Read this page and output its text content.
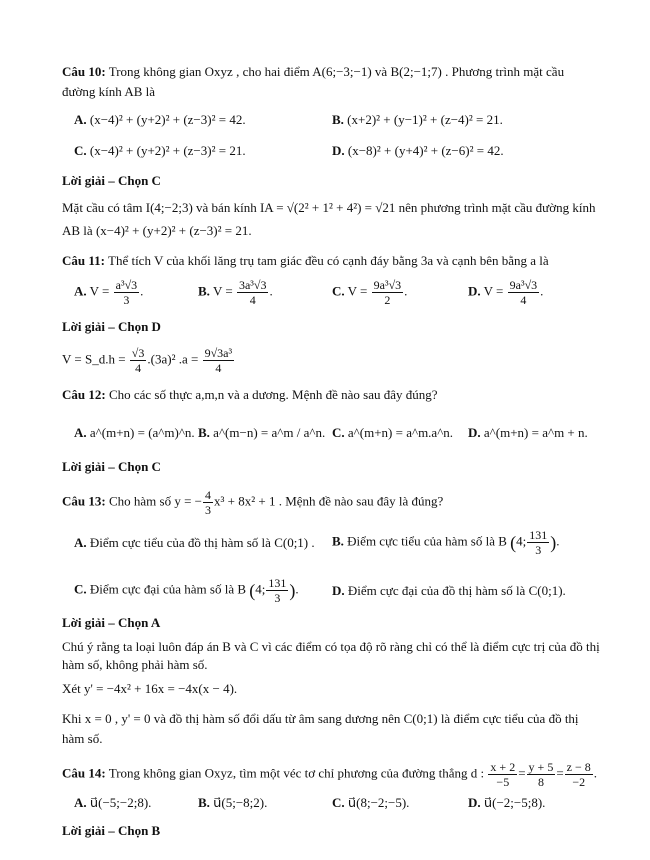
Câu 10: Trong không gian Oxyz , cho hai điểm A(6;−3;−1) và B(2;−1;7) . Phương trình mặt cầu
đường kính AB là
A. (x−4)² + (y+2)² + (z−3)² = 42.	B. (x+2)² + (y−1)² + (z−4)² = 21.
C. (x−4)² + (y+2)² + (z−3)² = 21.	D. (x−8)² + (y+4)² + (z−6)² = 42.
Lời giải – Chọn C
Mặt cầu có tâm I(4;−2;3) và bán kính IA = √(2² + 1² + 4²) = √21 nên phương trình mặt cầu đường kính
AB là (x−4)² + (y+2)² + (z−3)² = 21.
Câu 11: Thể tích V của khối lăng trụ tam giác đều có cạnh đáy bằng 3a và cạnh bên bằng a là
A. $V = \frac{\text{a³√3}}{3}$ .	B. $V = \frac{\text{3a³√3}}{4}$ .	C. $V = \frac{\text{9a³√3}}{2}$ .	D. $V = \frac{\text{9a³√3}}{4}$ .
Lời giải – Chọn D
V = S_d.h = $\frac{√3}{4} .(3a)^2$ $.a = \frac{\text{9√3a³}}{4}$
Câu 12: Cho các số thực a,m,n và a dương. Mệnh đề nào sau đây đúng?
A. a^(m+n) = (a^m)^n. B. a^(m−n) = a^m / a^n. C. a^(m+n) = a^m.a^n. D. a^(m+n) = a^m + n.
Lời giải – Chọn C
Câu 13: Cho hàm số y = − $\frac{4}{3} x^3 + 8x^2 + 1$ . Mệnh đề nào sau đây là đúng?
A. Điểm cực tiểu của đồ thị hàm số là C(0;1) . B. Điểm cực tiểu của hàm số là B (4; $\frac{131}{3}$ ).
C. Điểm cực đại của hàm số là B (4; $\frac{131}{3}$ ).	D. Điểm cực đại của đồ thị hàm số là C(0;1).
Lời giải – Chọn A
Chú ý rằng ta loại luôn đáp án B và C vì các điểm có tọa độ rõ ràng chỉ có thể là điểm cực trị của đồ thị
hàm số, không phải hàm số.
Xét y' = −4x² + 16x = −4x(x − 4).
Khi x = 0 , y' = 0 và đồ thị hàm số đổi dấu từ âm sang dương nên C(0;1) là điểm cực tiểu của đồ thị
hàm số.
Câu 14: Trong không gian Oxyz, tìm một véc tơ chỉ phương của đường thẳng d : $\frac{x + 2}{-5} = \frac{y + 5}{8} = \frac{z - 8}{-2}$ .
A. u⃗(−5;−2;8).	B. u⃗(5;−8;2).	C. u⃗(8;−2;−5).	D. u⃗(−2;−5;8).
Lời giải – Chọn B
